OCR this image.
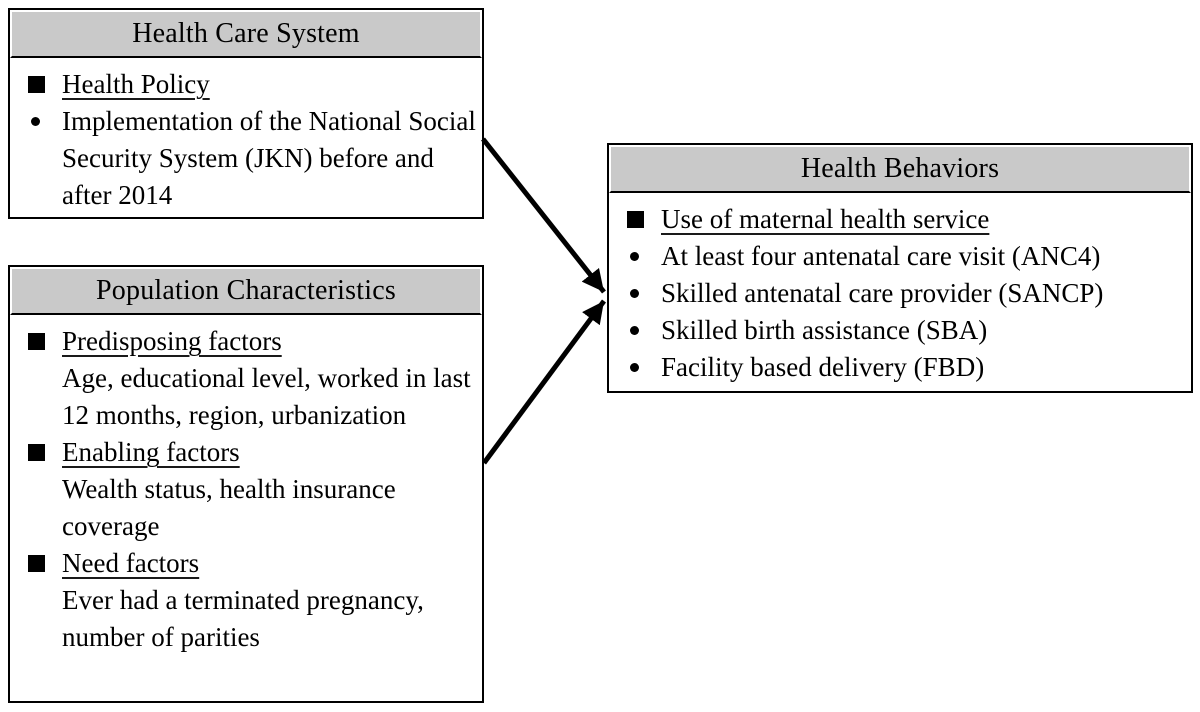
Health Care System
Health Policy
Implementation of the National Social Security System (JKN) before and after 2014
Population Characteristics
Predisposing factors
Age, educational level, worked in last 12 months, region, urbanization
Enabling factors
Wealth status, health insurance coverage
Need factors
Ever had a terminated pregnancy, number of parities
Health Behaviors
Use of maternal health service
At least four antenatal care visit (ANC4)
Skilled antenatal care provider (SANCP)
Skilled birth assistance (SBA)
Facility based delivery (FBD)
